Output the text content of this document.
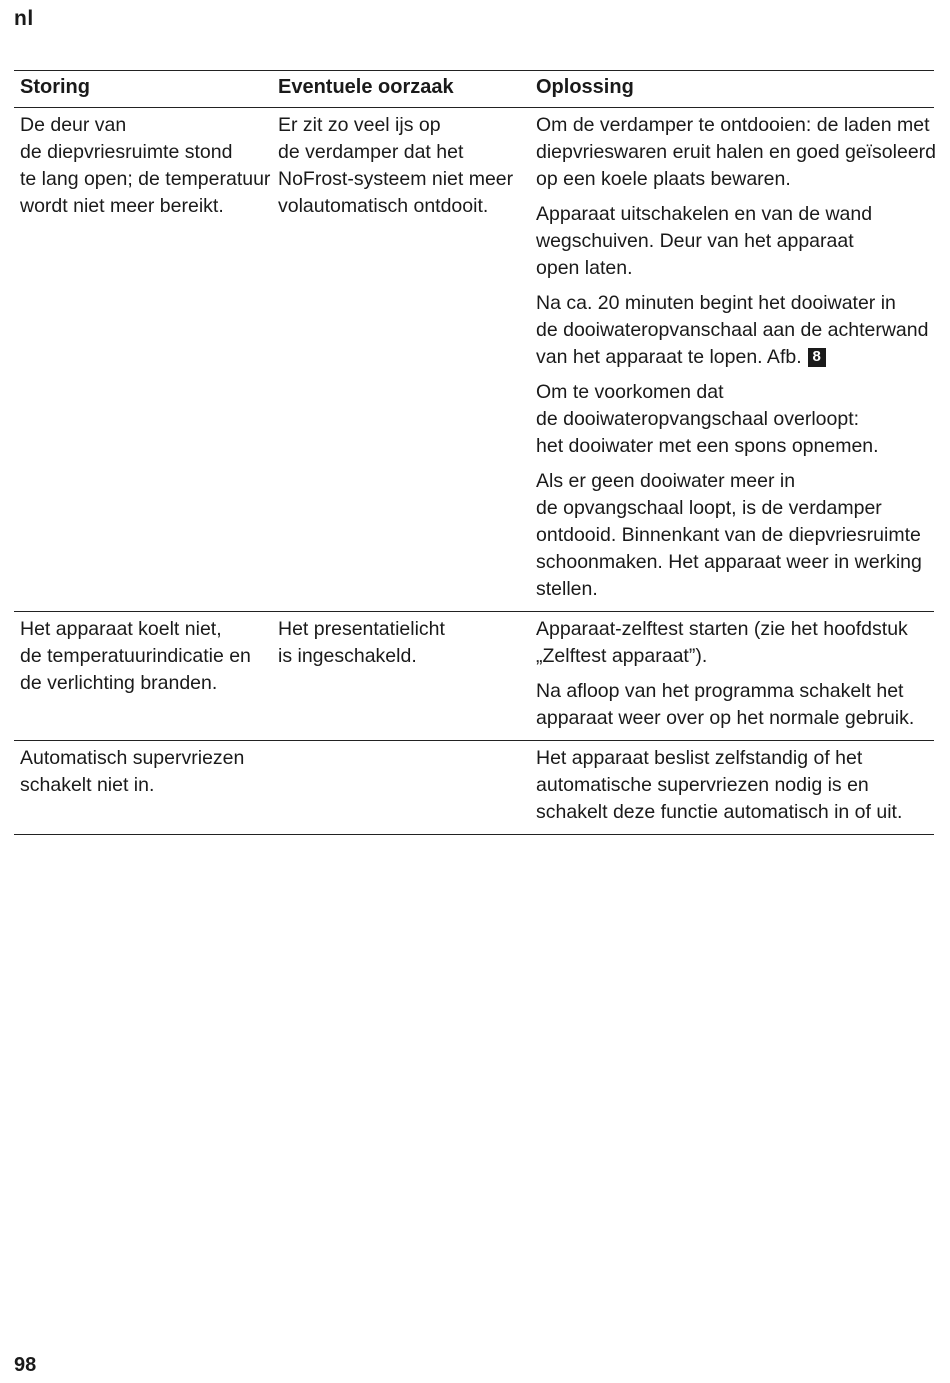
nl
Storing	Eventuele oorzaak	Oplossing
De deur van
de diepvriesruimte stond
te lang open; de temperatuur
wordt niet meer bereikt.
Er zit zo veel ijs op
de verdamper dat het
NoFrost-systeem niet meer
volautomatisch ontdooit.

Om de verdamper te ontdooien: de laden met
diepvrieswaren eruit halen en goed geïsoleerd
op een koele plaats bewaren.

Apparaat uitschakelen en van de wand
wegschuiven. Deur van het apparaat
open laten.

Na ca. 20 minuten begint het dooiwater in
de dooiwateropvanschaal aan de achterwand
van het apparaat te lopen. Afb. 8

Om te voorkomen dat
de dooiwateropvangschaal overloopt:
het dooiwater met een spons opnemen.

Als er geen dooiwater meer in
de opvangschaal loopt, is de verdamper
ontdooid. Binnenkant van de diepvriesruimte
schoonmaken. Het apparaat weer in werking
stellen.

Het apparaat koelt niet,
de temperatuurindicatie en
de verlichting branden.
Het presentatielicht
is ingeschakeld.

Apparaat-zelftest starten (zie het hoofdstuk
„Zelftest apparaat”).

Na afloop van het programma schakelt het
apparaat weer over op het normale gebruik.

Automatisch supervriezen
schakelt niet in.

Het apparaat beslist zelfstandig of het
automatische supervriezen nodig is en
schakelt deze functie automatisch in of uit.

98
